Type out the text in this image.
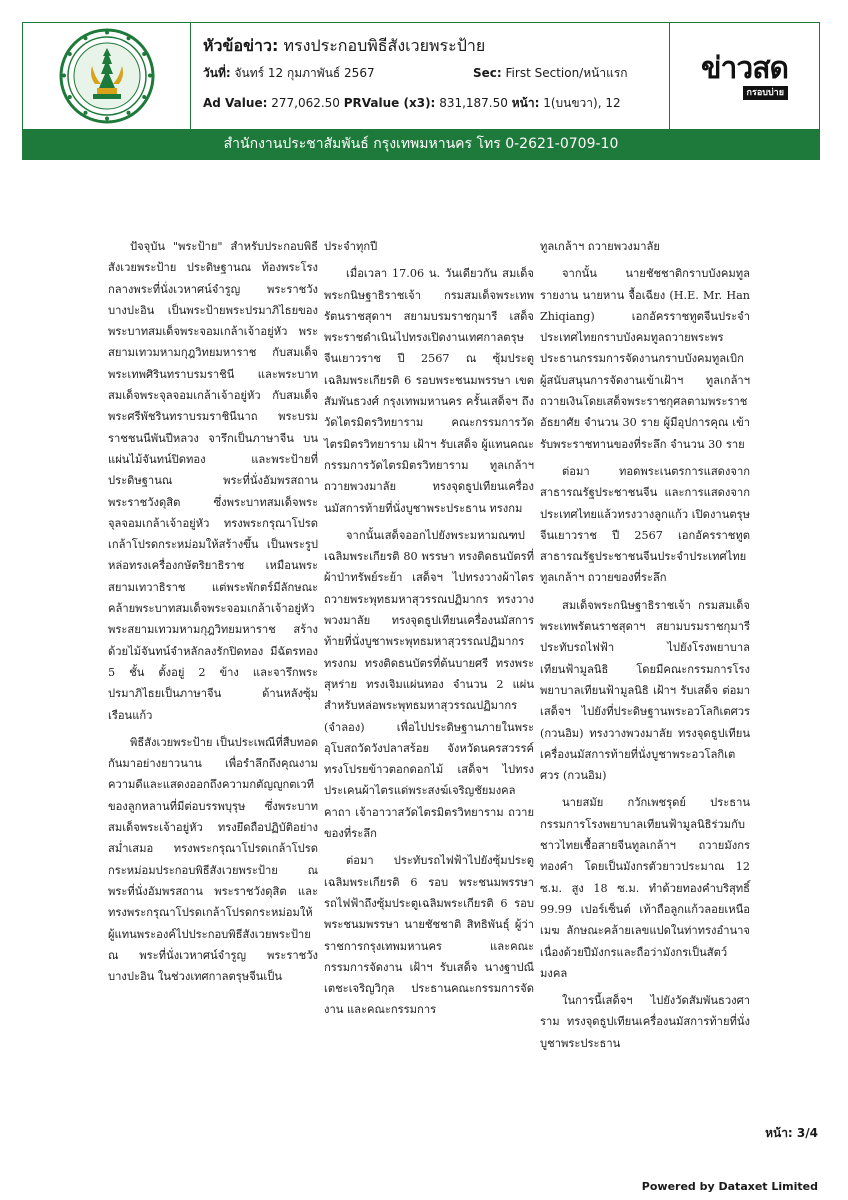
หัวข้อข่าว: ทรงประกอบพิธีสังเวยพระป้าย
วันที่: จันทร์ 12 กุมภาพันธ์ 2567	Sec: First Section/หน้าแรก
Ad Value: 277,062.50 PRValue (x3): 831,187.50 หน้า: 1(บนขวา), 12
ข่าวสด
กรอบบ่าย
สำนักงานประชาสัมพันธ์ กรุงเทพมหานคร โทร 0-2621-0709-10

ปัจจุบัน "พระป้าย" สำหรับประกอบพิธีสังเวยพระป้าย ประดิษฐานณ ท้องพระโรงกลางพระที่นั่งเวหาศน์จำรูญ พระราชวังบางปะอิน เป็นพระป้ายพระปรมาภิไธยของพระบาทสมเด็จพระจอมเกล้าเจ้าอยู่หัว พระสยามเทวมหามกุฎวิทยมหาราช กับสมเด็จพระเทพศิรินทราบรมราชินี และพระบาทสมเด็จพระจุลจอมเกล้าเจ้าอยู่หัว กับสมเด็จพระศรีพัชรินทราบรมราชินีนาถ พระบรมราชชนนีพันปีหลวง จารึกเป็นภาษาจีน บนแผ่นไม้จันทน์ปิดทอง และพระป้ายที่ประดิษฐานณ พระที่นั่งอัมพรสถาน พระราชวังดุสิต ซึ่งพระบาทสมเด็จพระจุลจอมเกล้าเจ้าอยู่หัว ทรงพระกรุณาโปรดเกล้าโปรดกระหม่อมให้สร้างขึ้น เป็นพระรูปหล่อทรงเครื่องกษัตริยาธิราช เหมือนพระสยามเทวาธิราช แต่พระพักตร์มีลักษณะคล้ายพระบาทสมเด็จพระจอมเกล้าเจ้าอยู่หัว พระสยามเทวมหามกุฎวิทยมหาราช สร้างด้วยไม้จันทน์จำหลักลงรักปิดทอง มีฉัตรทอง 5 ชั้น ตั้งอยู่ 2 ข้าง และจารึกพระปรมาภิไธยเป็นภาษาจีน ด้านหลังซุ้มเรือนแก้ว

พิธีสังเวยพระป้าย เป็นประเพณีที่สืบทอดกันมาอย่างยาวนาน เพื่อรำลึกถึงคุณงามความดีและแสดงออกถึงความกตัญญูกตเวทีของลูกหลานที่มีต่อบรรพบุรุษ ซึ่งพระบาทสมเด็จพระเจ้าอยู่หัว ทรงยึดถือปฏิบัติอย่างสม่ำเสมอ ทรงพระกรุณาโปรดเกล้าโปรดกระหม่อมประกอบพิธีสังเวยพระป้าย ณ พระที่นั่งอัมพรสถาน พระราชวังดุสิต และทรงพระกรุณาโปรดเกล้าโปรดกระหม่อมให้ผู้แทนพระองค์ไปประกอบพิธีสังเวยพระป้าย ณ พระที่นั่งเวหาศน์จำรูญ พระราชวังบางปะอิน ในช่วงเทศกาลตรุษจีนเป็น

ประจำทุกปี

เมื่อเวลา 17.06 น. วันเดียวกัน สมเด็จพระกนิษฐาธิราชเจ้า กรมสมเด็จพระเทพรัตนราชสุดาฯ สยามบรมราชกุมารี เสด็จพระราชดำเนินไปทรงเปิดงานเทศกาลตรุษจีนเยาวราช ปี 2567 ณ ซุ้มประตูเฉลิมพระเกียรติ 6 รอบพระชนมพรรษา เขตสัมพันธวงศ์ กรุงเทพมหานคร ครั้นเสด็จฯ ถึงวัดไตรมิตรวิทยาราม คณะกรรมการวัดไตรมิตรวิทยาราม เฝ้าฯ รับเสด็จ ผู้แทนคณะกรรมการวัดไตรมิตรวิทยาราม ทูลเกล้าฯ ถวายพวงมาลัย ทรงจุดธูปเทียนเครื่องนมัสการท้ายที่นั่งบูชาพระประธาน ทรงกม

จากนั้นเสด็จออกไปยังพระมหามณฑปเฉลิมพระเกียรติ 80 พรรษา ทรงติดธนบัตรที่ผ้าป่าทรัพย์ระย้า เสด็จฯ ไปทรงวางผ้าไตรถวายพระพุทธมหาสุวรรณปฏิมากร ทรงวางพวงมาลัย ทรงจุดธูปเทียนเครื่องนมัสการท้ายที่นั่งบูชาพระพุทธมหาสุวรรณปฏิมากร ทรงกม ทรงติดธนบัตรที่ต้นบายศรี ทรงพระสุหร่าย ทรงเจิมแผ่นทอง จำนวน 2 แผ่นสำหรับหล่อพระพุทธมหาสุวรรณปฏิมากร (จำลอง) เพื่อไปประดิษฐานภายในพระอุโบสถวัดวังปลาสร้อย จังหวัดนครสวรรค์ ทรงโปรยข้าวตอกดอกไม้ เสด็จฯ ไปทรงประเคนผ้าไตรแด่พระสงฆ์เจริญชัยมงคลคาถา เจ้าอาวาสวัดไตรมิตรวิทยาราม ถวายของที่ระลึก

ต่อมา ประทับรถไฟฟ้าไปยังซุ้มประตูเฉลิมพระเกียรติ 6 รอบ พระชนมพรรษา รถไฟฟ้าถึงซุ้มประตูเฉลิมพระเกียรติ 6 รอบ พระชนมพรรษา นายชัชชาติ สิทธิพันธุ์ ผู้ว่าราชการกรุงเทพมหานคร และคณะกรรมการจัดงาน เฝ้าฯ รับเสด็จ นางฐาปณี เตชะเจริญวิกุล ประธานคณะกรรมการจัดงาน และคณะกรรมการ

ทูลเกล้าฯ ถวายพวงมาลัย

จากนั้น นายชัชชาติกราบบังคมทูลรายงาน นายหาน จื้อเฉียง (H.E. Mr. Han Zhiqiang) เอกอัครราชทูตจีนประจำประเทศไทยกราบบังคมทูลถวายพระพร ประธานกรรมการจัดงานกราบบังคมทูลเบิกผู้สนับสนุนการจัดงานเข้าเฝ้าฯ ทูลเกล้าฯ ถวายเงินโดยเสด็จพระราชกุศลตามพระราชอัธยาศัย จำนวน 30 ราย ผู้มีอุปการคุณ เข้ารับพระราชทานของที่ระลึก จำนวน 30 ราย

ต่อมา ทอดพระเนตรการแสดงจากสาธารณรัฐประชาชนจีน และการแสดงจากประเทศไทยแล้วทรงวางลูกแก้ว เปิดงานตรุษจีนเยาวราช ปี 2567 เอกอัครราชทูตสาธารณรัฐประชาชนจีนประจำประเทศไทย ทูลเกล้าฯ ถวายของที่ระลึก

สมเด็จพระกนิษฐาธิราชเจ้า กรมสมเด็จพระเทพรัตนราชสุดาฯ สยามบรมราชกุมารี ประทับรถไฟฟ้า ไปยังโรงพยาบาลเทียนฟ้ามูลนิธิ โดยมีคณะกรรมการโรงพยาบาลเทียนฟ้ามูลนิธิ เฝ้าฯ รับเสด็จ ต่อมาเสด็จฯ ไปยังที่ประดิษฐานพระอวโลกิเตศวร (กวนอิม) ทรงวางพวงมาลัย ทรงจุดธูปเทียนเครื่องนมัสการท้ายที่นั่งบูชาพระอวโลกิเตศวร (กวนอิม)

นายสมัย กวักเพชรุดย์ ประธานกรรมการโรงพยาบาลเทียนฟ้ามูลนิธิร่วมกับชาวไทยเชื้อสายจีนทูลเกล้าฯ ถวายมังกรทองคำ โดยเป็นมังกรตัวยาวประมาณ 12 ซ.ม. สูง 18 ซ.ม. ทำด้วยทองคำบริสุทธิ์ 99.99 เปอร์เซ็นต์ เท้าถือลูกแก้วลอยเหนือเมฆ ลักษณะคล้ายเลขแปดในท่าทรงอำนาจ เนื่องด้วยปีมังกรและถือว่ามังกรเป็นสัตว์มงคล

ในการนี้เสด็จฯ ไปยังวัดสัมพันธวงศาราม ทรงจุดธูปเทียนเครื่องนมัสการท้ายที่นั่งบูชาพระประธาน

หน้า: 3/4
Powered by Dataxet Limited
